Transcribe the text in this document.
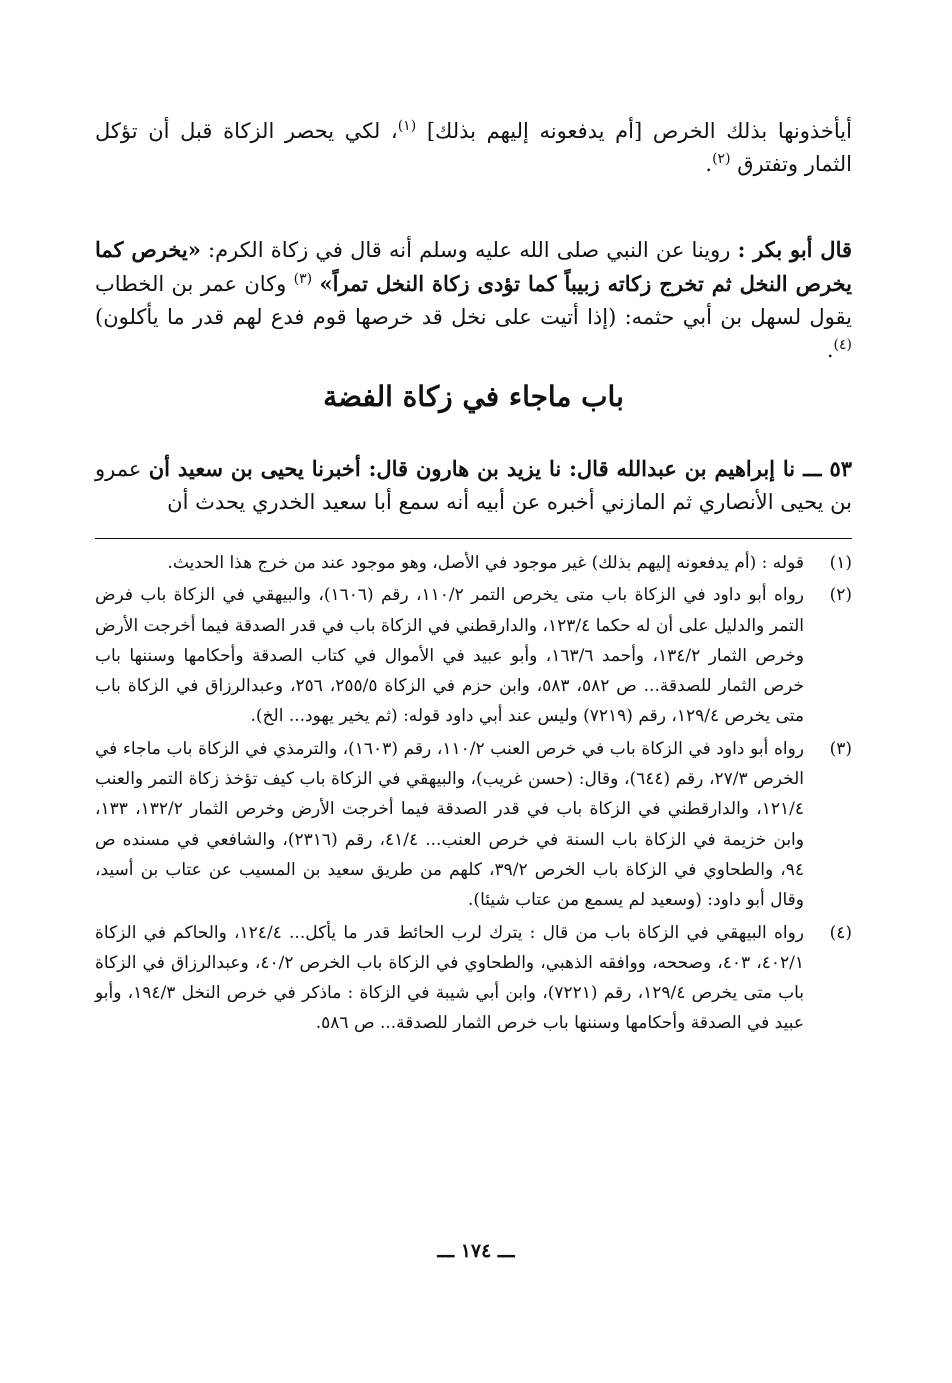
أيأخذونها بذلك الخرص [أم يدفعونه إليهم بذلك] $^{(١)}$، لكي يحصر الزكاة قبل أن تؤكل الثمار وتفترق $^{(٢)}$.

قال أبو بكر : روينا عن النبي صلى الله عليه وسلم أنه قال في زكاة الكرم: «يخرص كما يخرص النخل ثم تخرج زكاته زبيباً كما تؤدى زكاة النخل تمراً» $^{(٣)}$ وكان عمر بن الخطاب يقول لسهل بن أبي حثمه: (إذا أتيت على نخل قد خرصها قوم فدع لهم قدر ما يأكلون) $^{(٤)}$.

باب ماجاء في زكاة الفضة

٥٣ ـــ نا إبراهيم بن عبدالله قال: نا يزيد بن هارون قال: أخبرنا يحيى بن سعيد أن عمرو بن يحيى الأنصاري ثم المازني أخبره عن أبيه أنه سمع أبا سعيد الخدري يحدث أن

(١)
قوله : (أم يدفعونه إليهم بذلك) غير موجود في الأصل، وهو موجود عند من خرج هذا الحديث.
(٢)
رواه أبو داود في الزكاة باب متى يخرص التمر ١١٠/٢، رقم (١٦٠٦)، والبيهقي في الزكاة باب فرض التمر والدليل على أن له حكما ١٢٣/٤، والدارقطني في الزكاة باب في قدر الصدقة فيما أخرجت الأرض وخرص الثمار ١٣٤/٢، وأحمد ١٦٣/٦، وأبو عبيد في الأموال في كتاب الصدقة وأحكامها وسننها باب خرص الثمار للصدقة... ص ٥٨٢، ٥٨٣، وابن حزم في الزكاة ٢٥٥/٥، ٢٥٦، وعبدالرزاق في الزكاة باب متى يخرص ١٢٩/٤، رقم (٧٢١٩) وليس عند أبي داود قوله: (ثم يخير يهود... الخ).
(٣)
رواه أبو داود في الزكاة باب في خرص العنب ١١٠/٢، رقم (١٦٠٣)، والترمذي في الزكاة باب ماجاء في الخرص ٢٧/٣، رقم (٦٤٤)، وقال: (حسن غريب)، والبيهقي في الزكاة باب كيف تؤخذ زكاة التمر والعنب ١٢١/٤، والدارقطني في الزكاة باب في قدر الصدقة فيما أخرجت الأرض وخرص الثمار ١٣٢/٢، ١٣٣، وابن خزيمة في الزكاة باب السنة في خرص العنب... ٤١/٤، رقم (٢٣١٦)، والشافعي في مسنده ص ٩٤، والطحاوي في الزكاة باب الخرص ٣٩/٢، كلهم من طريق سعيد بن المسيب عن عتاب بن أسيد، وقال أبو داود: (وسعيد لم يسمع من عتاب شيئا).
(٤)
رواه البيهقي في الزكاة باب من قال : يترك لرب الحائط قدر ما يأكل... ١٢٤/٤، والحاكم في الزكاة ٤٠٢/١، ٤٠٣، وصححه، ووافقه الذهبي، والطحاوي في الزكاة باب الخرص ٤٠/٢، وعبدالرزاق في الزكاة باب متى يخرص ١٢٩/٤، رقم (٧٢٢١)، وابن أبي شيبة في الزكاة : ماذكر في خرص النخل ١٩٤/٣، وأبو عبيد في الصدقة وأحكامها وسننها باب خرص الثمار للصدقة... ص ٥٨٦.
ـــ ١٧٤ ـــ
